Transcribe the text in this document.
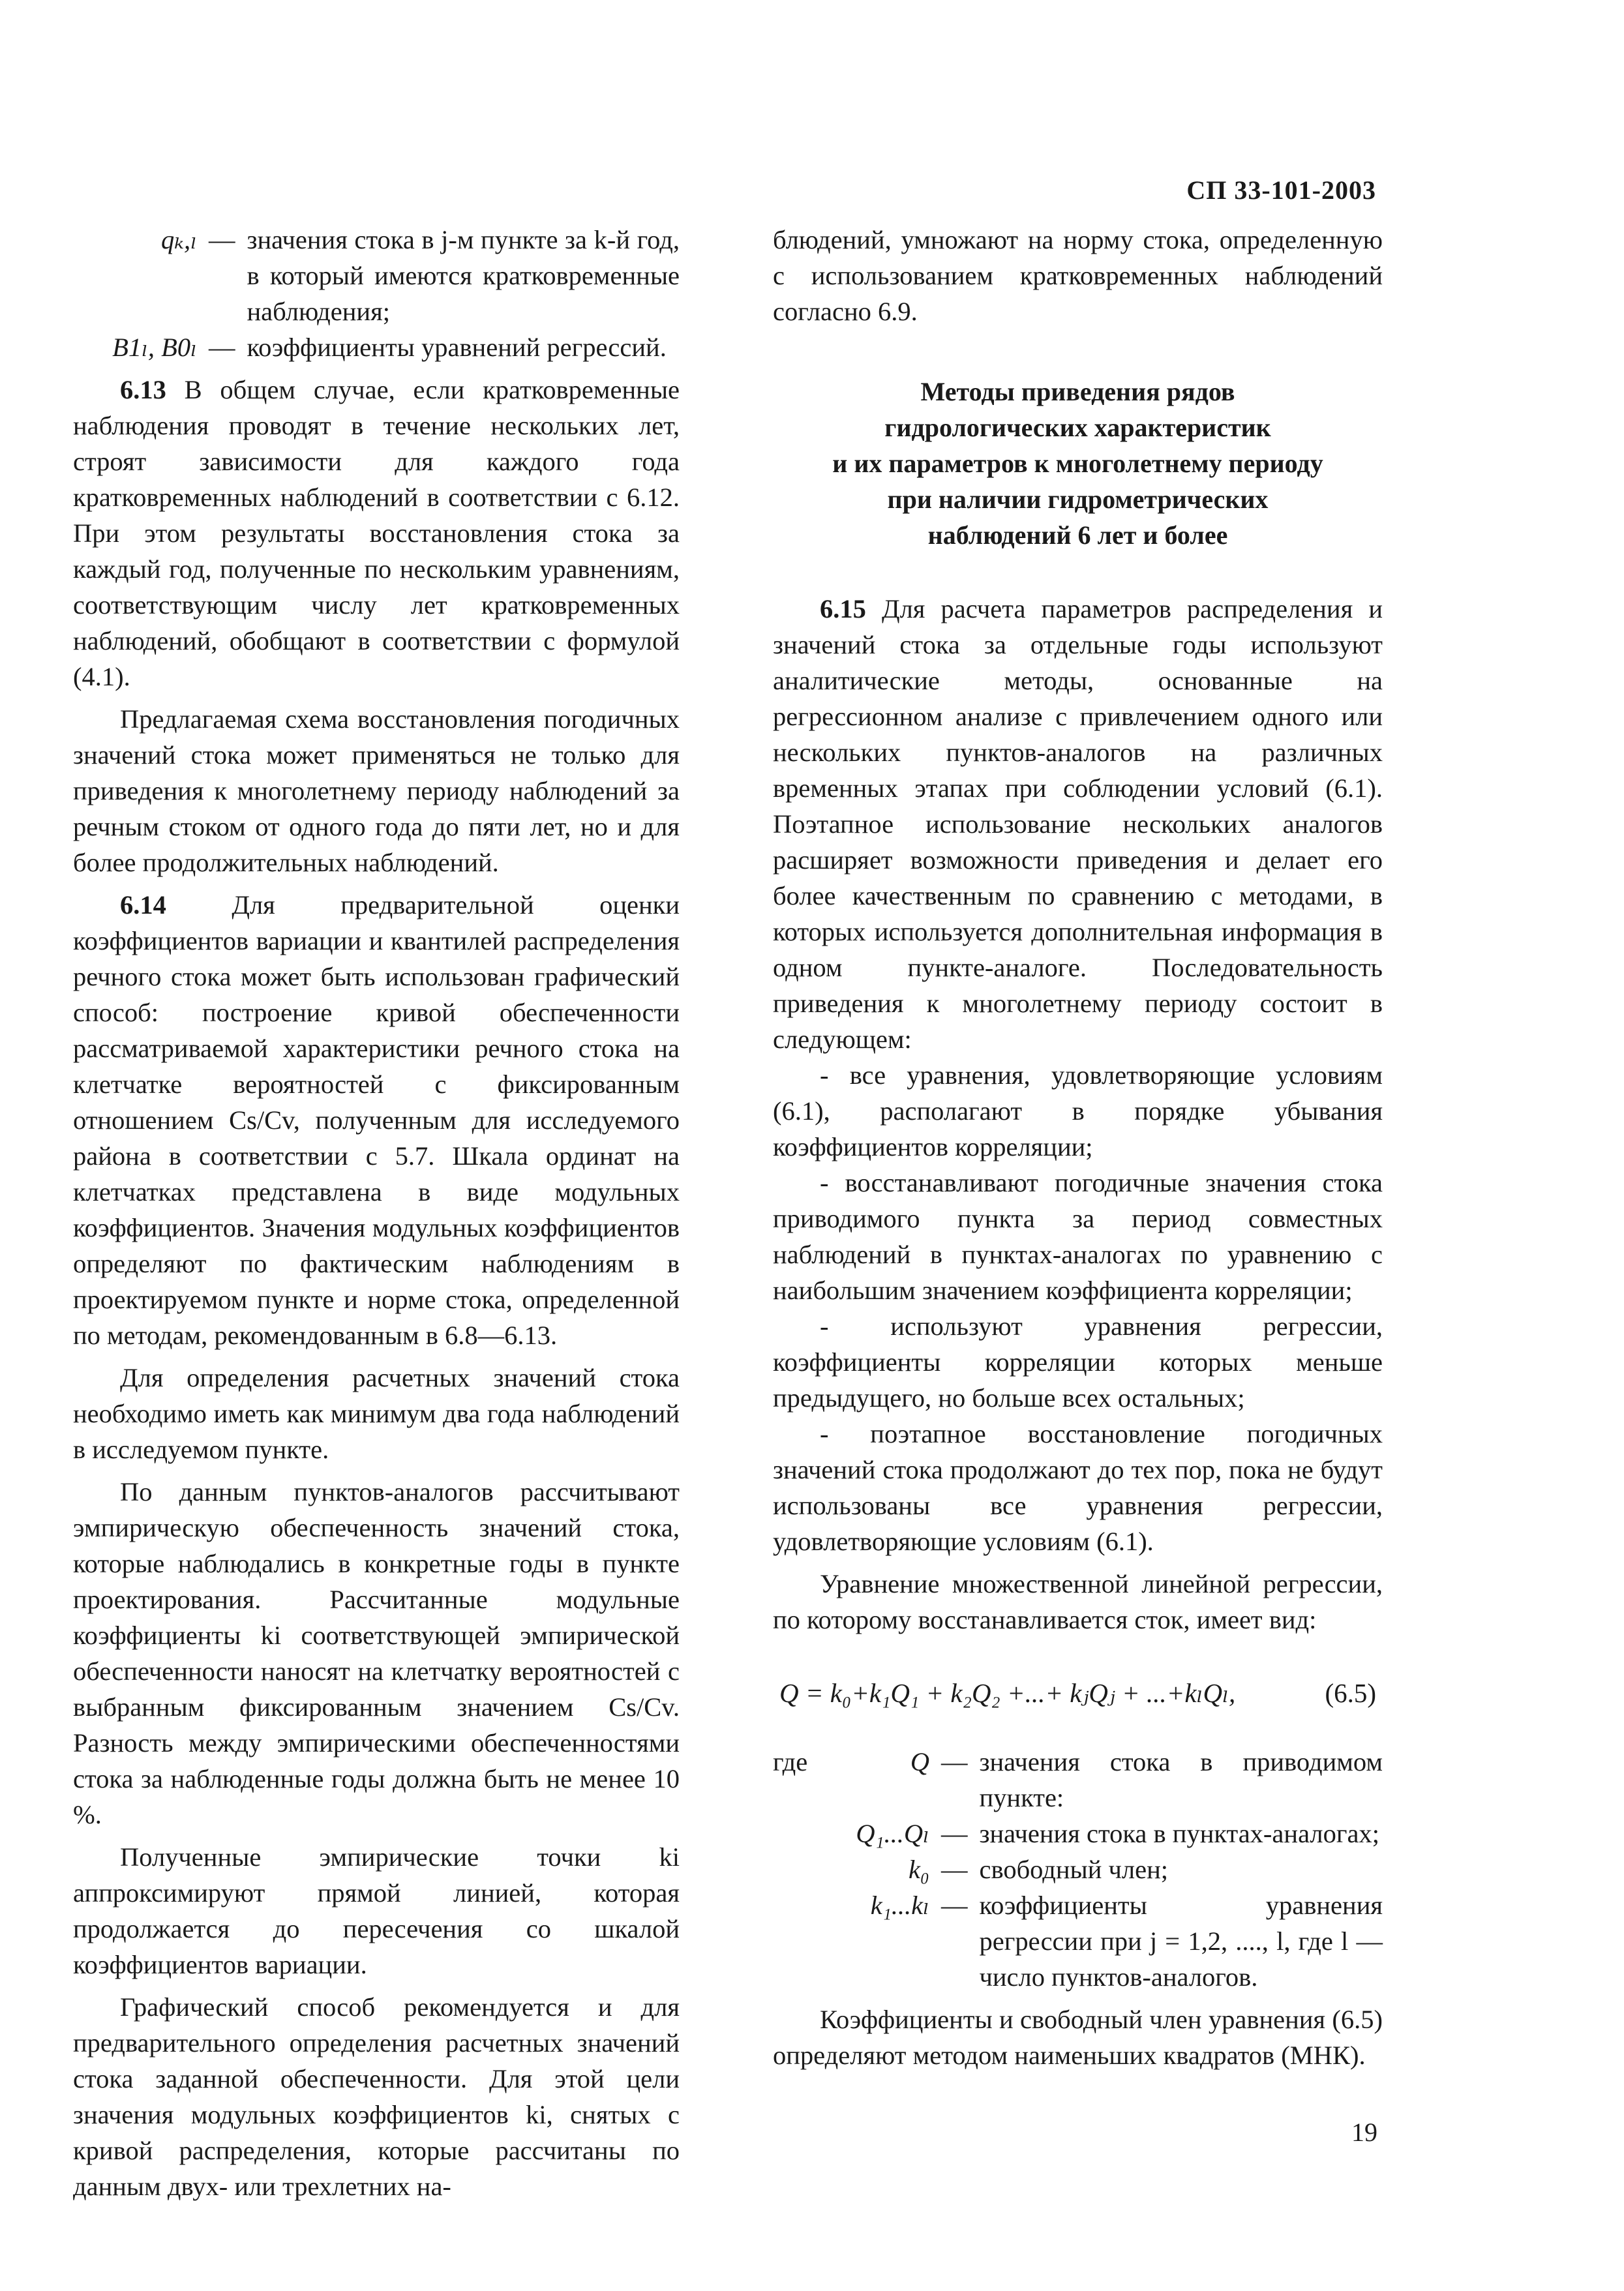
СП 33-101-2003
qₖ,ₗ — значения стока в j-м пункте за k-й год, в который имеются кратковременные наблюдения;
B1ₗ, B0ₗ — коэффициенты уравнений регрессий.

6.13 В общем случае, если кратковременные наблюдения проводят в течение нескольких лет, строят зависимости для каждого года кратковременных наблюдений в соответствии с 6.12. При этом результаты восстановления стока за каждый год, полученные по нескольким уравнениям, соответствующим числу лет кратковременных наблюдений, обобщают в соответствии с формулой (4.1).

Предлагаемая схема восстановления погодичных значений стока может применяться не только для приведения к многолетнему периоду наблюдений за речным стоком от одного года до пяти лет, но и для более продолжительных наблюдений.

6.14 Для предварительной оценки коэффициентов вариации и квантилей распределения речного стока может быть использован графический способ: построение кривой обеспеченности рассматриваемой характеристики речного стока на клетчатке вероятностей с фиксированным отношением Cs/Cv, полученным для исследуемого района в соответствии с 5.7. Шкала ординат на клетчатках представлена в виде модульных коэффициентов. Значения модульных коэффициентов определяют по фактическим наблюдениям в проектируемом пункте и норме стока, определенной по методам, рекомендованным в 6.8—6.13.

Для определения расчетных значений стока необходимо иметь как минимум два года наблюдений в исследуемом пункте.

По данным пунктов-аналогов рассчитывают эмпирическую обеспеченность значений стока, которые наблюдались в конкретные годы в пункте проектирования. Рассчитанные модульные коэффициенты ki соответствующей эмпирической обеспеченности наносят на клетчатку вероятностей с выбранным фиксированным значением Cs/Cv. Разность между эмпирическими обеспеченностями стока за наблюденные годы должна быть не менее 10 %.

Полученные эмпирические точки ki аппроксимируют прямой линией, которая продолжается до пересечения со шкалой коэффициентов вариации.

Графический способ рекомендуется и для предварительного определения расчетных значений стока заданной обеспеченности. Для этой цели значения модульных коэффициентов ki, снятых с кривой распределения, которые рассчитаны по данным двух- или трехлетних на-

блюдений, умножают на норму стока, определенную с использованием кратковременных наблюдений согласно 6.9.

Методы приведения рядов
гидрологических характеристик
и их параметров к многолетнему периоду
при наличии гидрометрических
наблюдений 6 лет и более

6.15 Для расчета параметров распределения и значений стока за отдельные годы используют аналитические методы, основанные на регрессионном анализе с привлечением одного или нескольких пунктов-аналогов на различных временных этапах при соблюдении условий (6.1). Поэтапное использование нескольких аналогов расширяет возможности приведения и делает его более качественным по сравнению с методами, в которых используется дополнительная информация в одном пункте-аналоге. Последовательность приведения к многолетнему периоду состоит в следующем:

- все уравнения, удовлетворяющие условиям (6.1), располагают в порядке убывания коэффициентов корреляции;

- восстанавливают погодичные значения стока приводимого пункта за период совместных наблюдений в пунктах-аналогах по уравнению с наибольшим значением коэффициента корреляции;

- используют уравнения регрессии, коэффициенты корреляции которых меньше предыдущего, но больше всех остальных;

- поэтапное восстановление погодичных значений стока продолжают до тех пор, пока не будут использованы все уравнения регрессии, удовлетворяющие условиям (6.1).

Уравнение множественной линейной регрессии, по которому восстанавливается сток, имеет вид:

Q = k₀+k₁Q₁ + k₂Q₂ +...+ kⱼQⱼ + ...+kₗQₗ,	(6.5)
где	Q — значения стока в приводимом пункте:
Q₁...Qₗ — значения стока в пунктах-аналогах;
k₀ — свободный член;
k₁...kₗ — коэффициенты уравнения регрессии при j = 1,2, ...., l, где l — число пунктов-аналогов.

Коэффициенты и свободный член уравнения (6.5) определяют методом наименьших квадратов (МНК).

19
